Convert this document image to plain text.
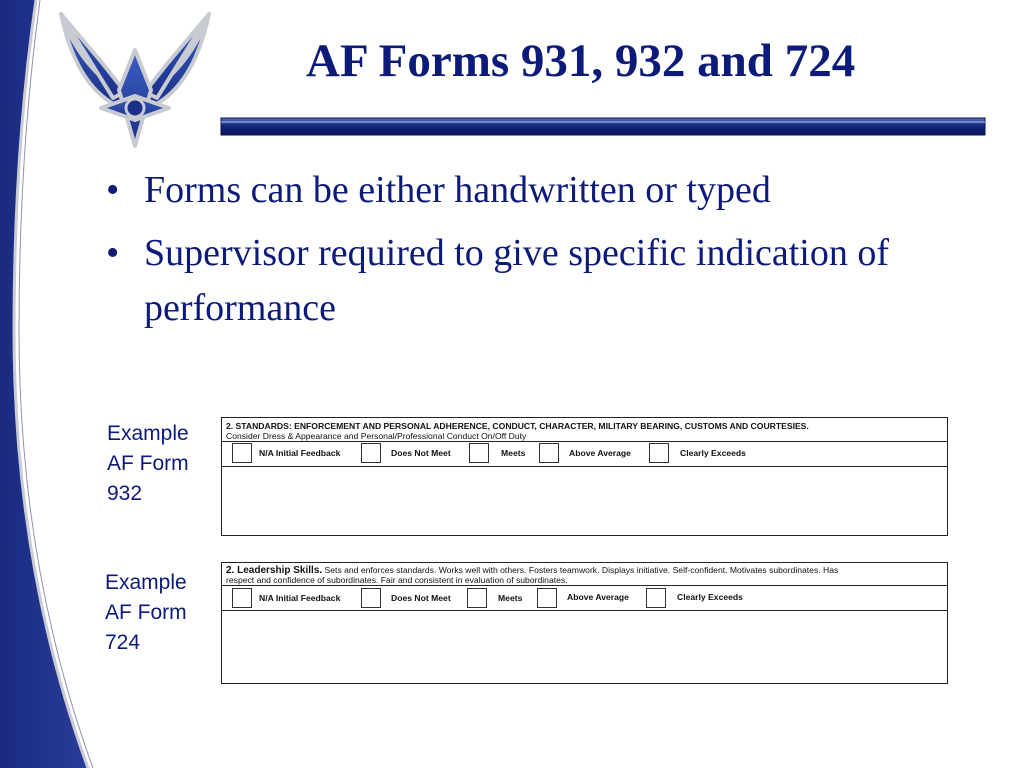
AF Forms 931, 932 and 724
• Forms can be either handwritten or typed
• Supervisor required to give specific indication of performance
Example
AF Form
932
2. STANDARDS: ENFORCEMENT AND PERSONAL ADHERENCE, CONDUCT, CHARACTER, MILITARY BEARING, CUSTOMS AND COURTESIES.
Consider Dress & Appearance and Personal/Professional Conduct On/Off Duty
N/A Initial Feedback	Does Not Meet	Meets	Above Average	Clearly Exceeds
Example
AF Form
724
2. Leadership Skills. Sets and enforces standards. Works well with others. Fosters teamwork. Displays initiative. Self-confident. Motivates subordinates. Has
respect and confidence of subordinates. Fair and consistent in evaluation of subordinates.
N/A Initial Feedback	Does Not Meet	Meets	Above Average	Clearly Exceeds
